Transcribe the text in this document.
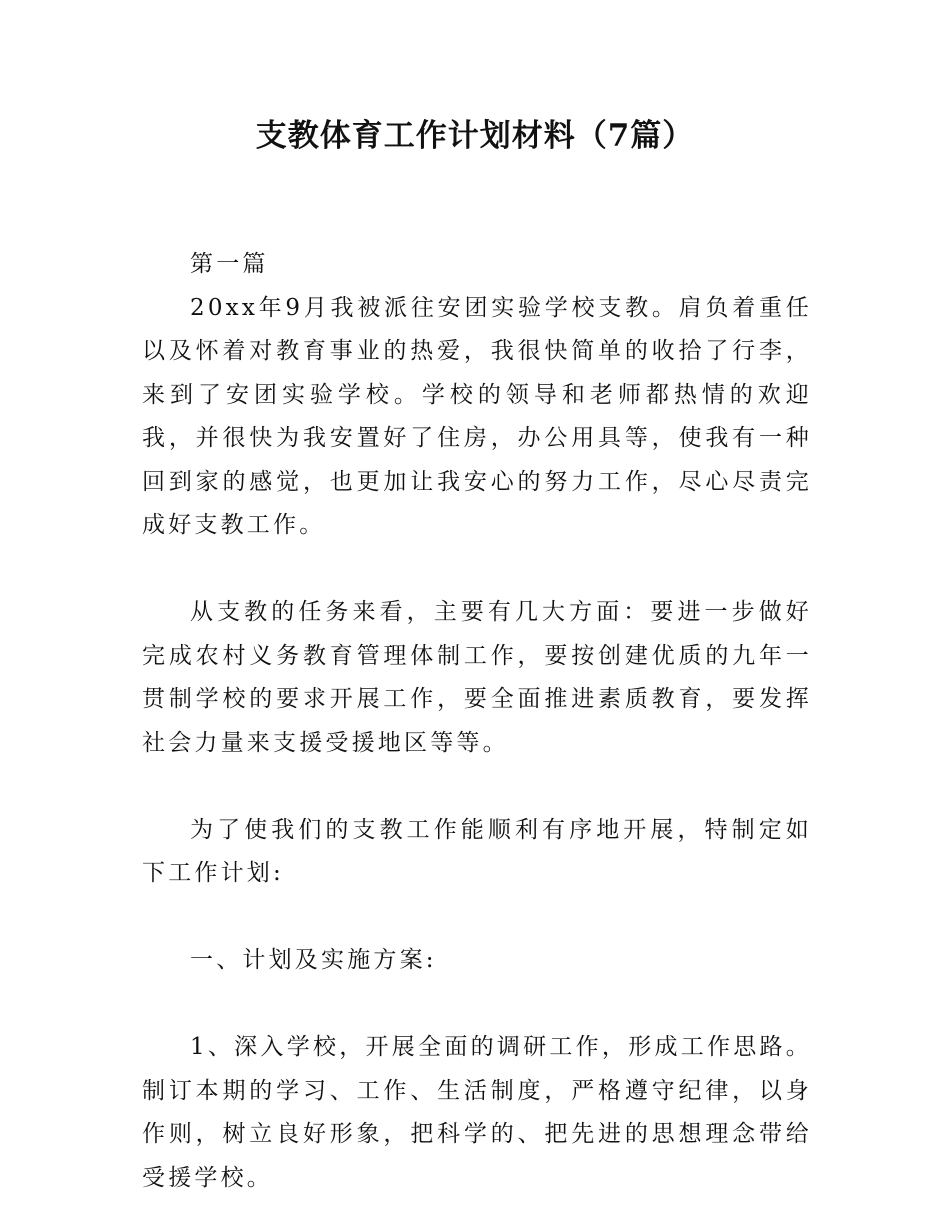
支教体育工作计划材料（7篇）

第一篇

20xx年9月我被派往安团实验学校支教。肩负着重任以及怀着对教育事业的热爱，我很快简单的收拾了行李，来到了安团实验学校。学校的领导和老师都热情的欢迎我，并很快为我安置好了住房，办公用具等，使我有一种回到家的感觉，也更加让我安心的努力工作，尽心尽责完成好支教工作。

从支教的任务来看，主要有几大方面：要进一步做好完成农村义务教育管理体制工作，要按创建优质的九年一贯制学校的要求开展工作，要全面推进素质教育，要发挥社会力量来支援受援地区等等。

为了使我们的支教工作能顺利有序地开展，特制定如下工作计划:

一、计划及实施方案:

1、深入学校，开展全面的调研工作，形成工作思路。制订本期的学习、工作、生活制度，严格遵守纪律，以身作则，树立良好形象，把科学的、把先进的思想理念带给受援学校。
